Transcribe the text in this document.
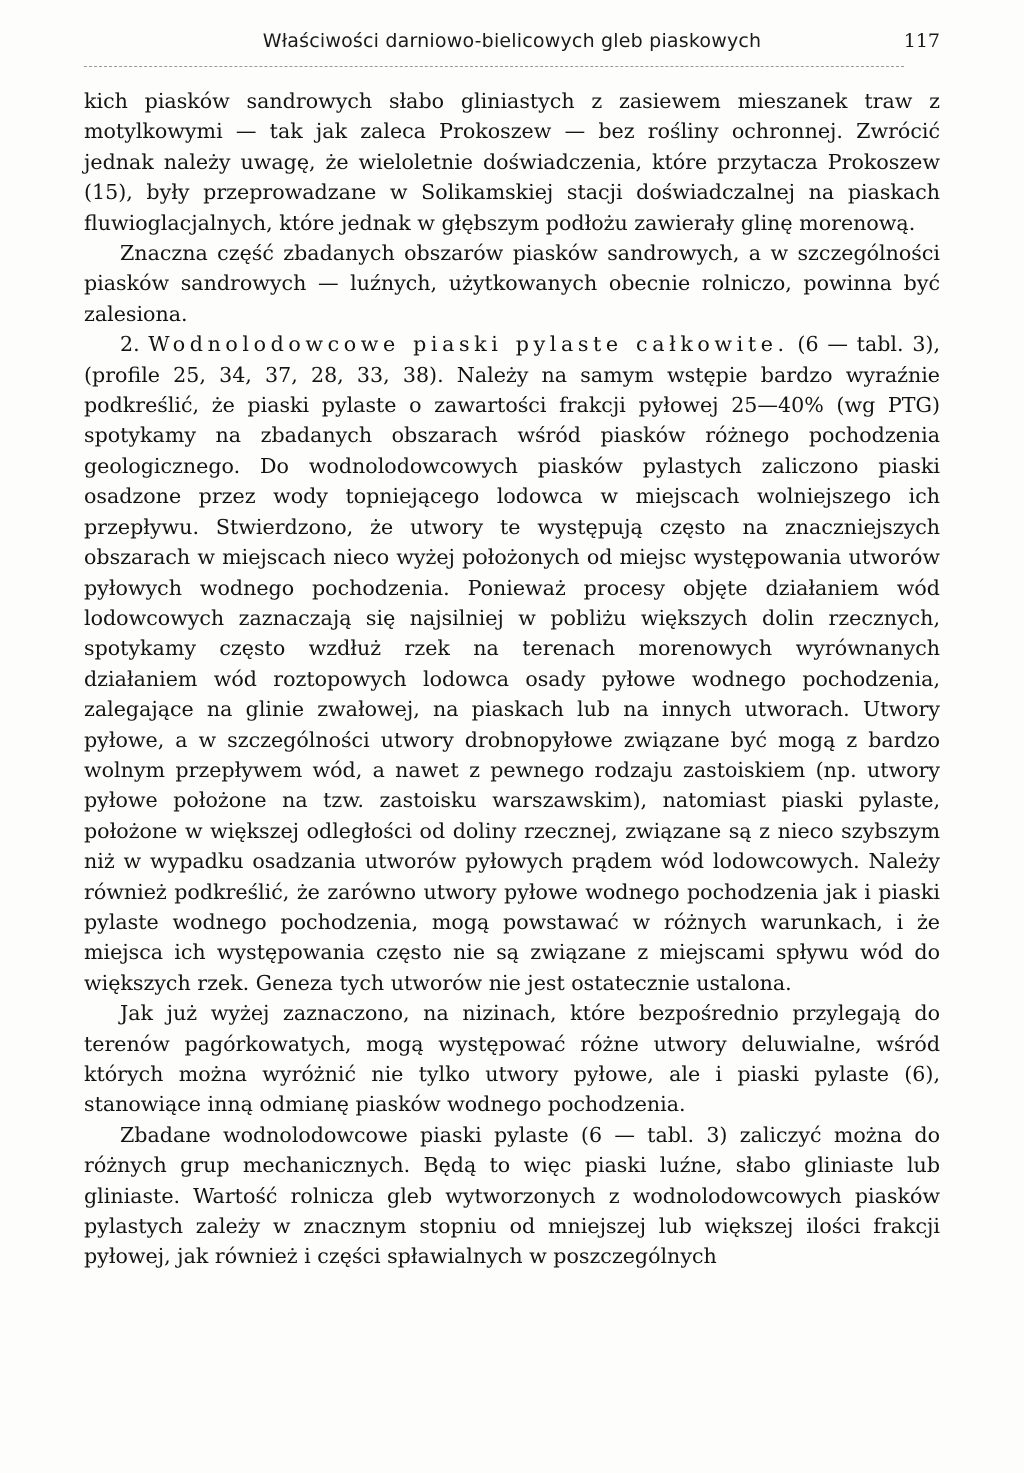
Właściwości darniowo-bielicowych gleb piaskowych	117

kich piasków sandrowych słabo gliniastych z zasiewem mieszanek traw z motylkowymi — tak jak zaleca Prokoszew — bez rośliny ochronnej. Zwrócić jednak należy uwagę, że wieloletnie doświadczenia, które przytacza Prokoszew (15), były przeprowadzane w Solikamskiej stacji doświadczalnej na piaskach fluwioglacjalnych, które jednak w głębszym podłożu zawierały glinę morenową.

Znaczna część zbadanych obszarów piasków sandrowych, a w szczególności piasków sandrowych — luźnych, użytkowanych obecnie rolniczo, powinna być zalesiona.

2. Wodnolodowcowe piaski pylaste całkowite. (6 — tabl. 3), (profile 25, 34, 37, 28, 33, 38). Należy na samym wstępie bardzo wyraźnie podkreślić, że piaski pylaste o zawartości frakcji pyłowej 25—40% (wg PTG) spotykamy na zbadanych obszarach wśród piasków różnego pochodzenia geologicznego. Do wodnolodowcowych piasków pylastych zaliczono piaski osadzone przez wody topniejącego lodowca w miejscach wolniejszego ich przepływu. Stwierdzono, że utwory te występują często na znaczniejszych obszarach w miejscach nieco wyżej położonych od miejsc występowania utworów pyłowych wodnego pochodzenia. Ponieważ procesy objęte działaniem wód lodowcowych zaznaczają się najsilniej w pobliżu większych dolin rzecznych, spotykamy często wzdłuż rzek na terenach morenowych wyrównanych działaniem wód roztopowych lodowca osady pyłowe wodnego pochodzenia, zalegające na glinie zwałowej, na piaskach lub na innych utworach. Utwory pyłowe, a w szczególności utwory drobnopyłowe związane być mogą z bardzo wolnym przepływem wód, a nawet z pewnego rodzaju zastoiskiem (np. utwory pyłowe położone na tzw. zastoisku warszawskim), natomiast piaski pylaste, położone w większej odległości od doliny rzecznej, związane są z nieco szybszym niż w wypadku osadzania utworów pyłowych prądem wód lodowcowych. Należy również podkreślić, że zarówno utwory pyłowe wodnego pochodzenia jak i piaski pylaste wodnego pochodzenia, mogą powstawać w różnych warunkach, i że miejsca ich występowania często nie są związane z miejscami spływu wód do większych rzek. Geneza tych utworów nie jest ostatecznie ustalona.

Jak już wyżej zaznaczono, na nizinach, które bezpośrednio przylegają do terenów pagórkowatych, mogą występować różne utwory deluwialne, wśród których można wyróżnić nie tylko utwory pyłowe, ale i piaski pylaste (6), stanowiące inną odmianę piasków wodnego pochodzenia.

Zbadane wodnolodowcowe piaski pylaste (6 — tabl. 3) zaliczyć można do różnych grup mechanicznych. Będą to więc piaski luźne, słabo gliniaste lub gliniaste. Wartość rolnicza gleb wytworzonych z wodnolodowcowych piasków pylastych zależy w znacznym stopniu od mniejszej lub większej ilości frakcji pyłowej, jak również i części spławialnych w poszczególnych
